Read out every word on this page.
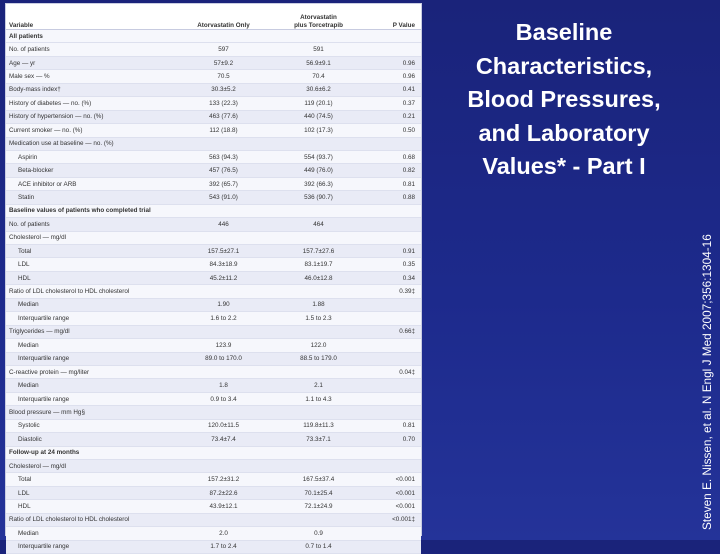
Variable	Atorvastatin Only	Atorvastatin
plus Torcetrapib	P Value
All patients			
No. of patients	597	591	
Age — yr	57±9.2	56.9±9.1	0.96
Male sex — %	70.5	70.4	0.96
Body-mass index†	30.3±5.2	30.6±6.2	0.41
History of diabetes — no. (%)	133 (22.3)	119 (20.1)	0.37
History of hypertension — no. (%)	463 (77.6)	440 (74.5)	0.21
Current smoker — no. (%)	112 (18.8)	102 (17.3)	0.50
Medication use at baseline — no. (%)			
Aspirin	563 (94.3)	554 (93.7)	0.68
Beta-blocker	457 (76.5)	449 (76.0)	0.82
ACE inhibitor or ARB	392 (65.7)	392 (66.3)	0.81
Statin	543 (91.0)	536 (90.7)	0.88
Baseline values of patients who completed trial			
No. of patients	446	464	
Cholesterol — mg/dl			
Total	157.5±27.1	157.7±27.6	0.91
LDL	84.3±18.9	83.1±19.7	0.35
HDL	45.2±11.2	46.0±12.8	0.34
Ratio of LDL cholesterol to HDL cholesterol			0.39‡
Median	1.90	1.88	
Interquartile range	1.6 to 2.2	1.5 to 2.3	
Triglycerides — mg/dl			0.66‡
Median	123.9	122.0	
Interquartile range	89.0 to 170.0	88.5 to 179.0	
C-reactive protein — mg/liter			0.04‡
Median	1.8	2.1	
Interquartile range	0.9 to 3.4	1.1 to 4.3	
Blood pressure — mm Hg§			
Systolic	120.0±11.5	119.8±11.3	0.81
Diastolic	73.4±7.4	73.3±7.1	0.70
Follow-up at 24 months			
Cholesterol — mg/dl			
Total	157.2±31.2	167.5±37.4	<0.001
LDL	87.2±22.6	70.1±25.4	<0.001
HDL	43.9±12.1	72.1±24.9	<0.001
Ratio of LDL cholesterol to HDL cholesterol			<0.001‡
Median	2.0	0.9	
Interquartile range	1.7 to 2.4	0.7 to 1.4	
Baseline
Characteristics,
Blood Pressures,
and Laboratory
Values* - Part I
Steven E. Nissen, et al. N Engl J Med 2007;356:1304-16
